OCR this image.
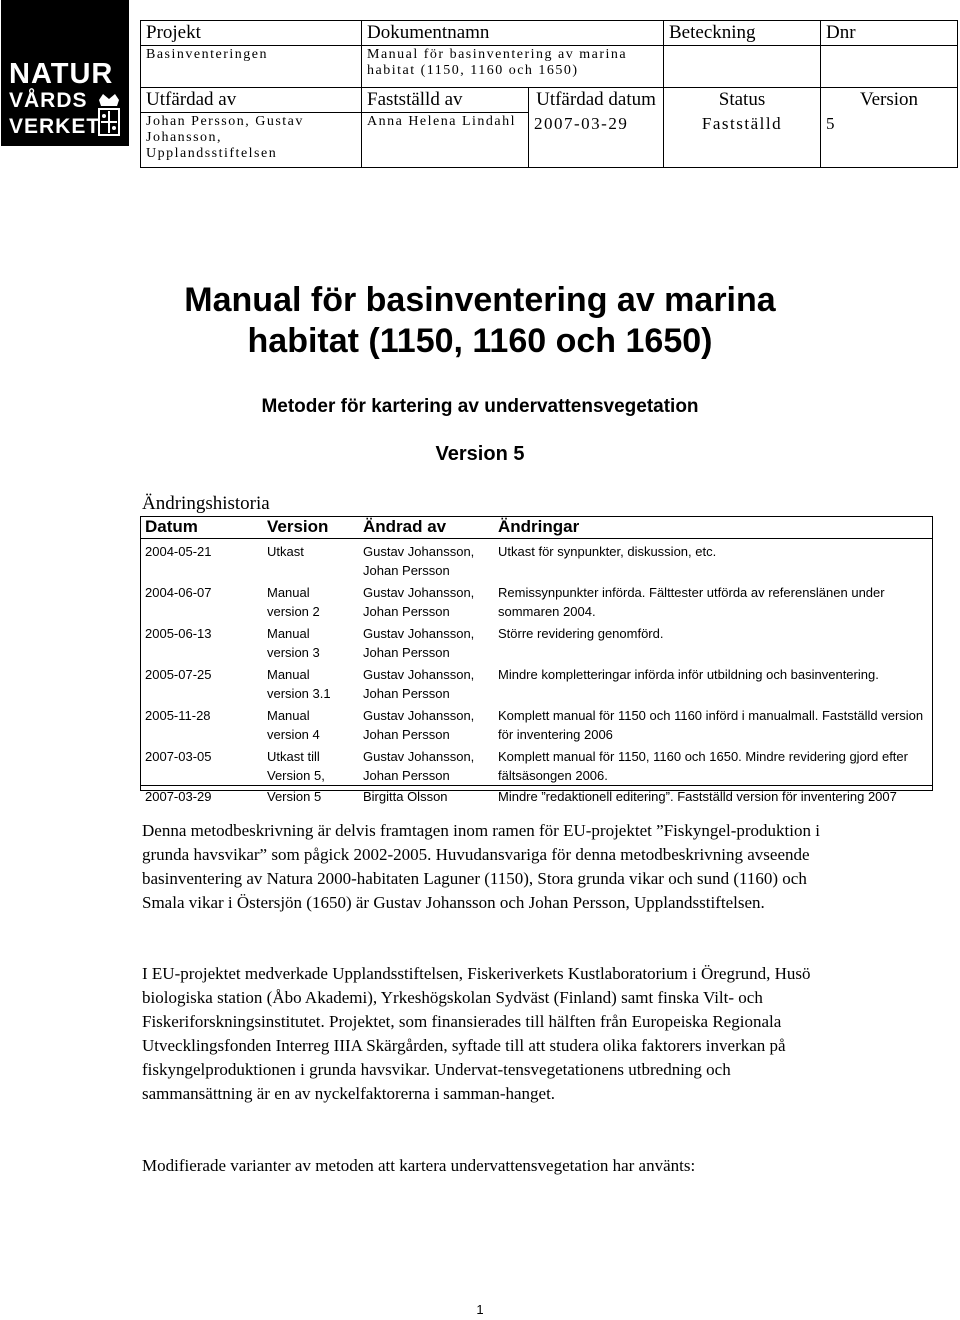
NATUR
VÅRDS
VERKET
Projekt	Dokumentnamn		Beteckning	Dnr
Basinventeringen	Manual för basinventering av marina habitat (1150, 1160 och 1650)			
Utfärdad av	Fastställd av	Utfärdad datum	Status	Version
Johan Persson, Gustav Johansson, Upplandsstiftelsen	Anna Helena Lindahl	2007-03-29	Fastställd	5
Manual för basinventering av marina
habitat (1150, 1160 och 1650)
Metoder för kartering av undervattensvegetation
Version 5
Ändringshistoria
Datum	Version	Ändrad av	Ändringar
2004-05-21	Utkast	Gustav Johansson, Johan Persson	Utkast för synpunkter, diskussion, etc.
2004-06-07	Manual version 2	Gustav Johansson, Johan Persson	Remissynpunkter införda. Fälttester utförda av referenslänen under sommaren 2004.
2005-06-13	Manual version 3	Gustav Johansson, Johan Persson	Större revidering genomförd.
2005-07-25	Manual version 3.1	Gustav Johansson, Johan Persson	Mindre kompletteringar införda inför utbildning och basinventering.
2005-11-28	Manual version 4	Gustav Johansson, Johan Persson	Komplett manual för 1150 och 1160 införd i manualmall. Fastställd version för inventering 2006
2007-03-05	Utkast till Version 5,	Gustav Johansson, Johan Persson	Komplett manual för 1150, 1160 och 1650. Mindre revidering gjord efter fältsäsongen 2006.
2007-03-29	Version 5	Birgitta Olsson	Mindre ”redaktionell editering”. Fastställd version för inventering 2007

Denna metodbeskrivning är delvis framtagen inom ramen för EU-projektet ”Fiskyngel-produktion i grunda havsvikar” som pågick 2002-2005. Huvudansvariga för denna metodbeskrivning avseende basinventering av Natura 2000-habitaten Laguner (1150), Stora grunda vikar och sund (1160) och Smala vikar i Östersjön (1650) är Gustav Johansson och Johan Persson, Upplandsstiftelsen.

I EU-projektet medverkade Upplandsstiftelsen, Fiskeriverkets Kustlaboratorium i Öregrund, Husö biologiska station (Åbo Akademi), Yrkeshögskolan Sydväst (Finland) samt finska Vilt- och Fiskeriforskningsinstitutet. Projektet, som finansierades till hälften från Europeiska Regionala Utvecklingsfonden Interreg IIIA Skärgården, syftade till att studera olika faktorers inverkan på fiskyngelproduktionen i grunda havsvikar. Undervat-tensvegetationens utbredning och sammansättning är en av nyckelfaktorerna i samman-hanget.

Modifierade varianter av metoden att kartera undervattensvegetation har använts:

1
